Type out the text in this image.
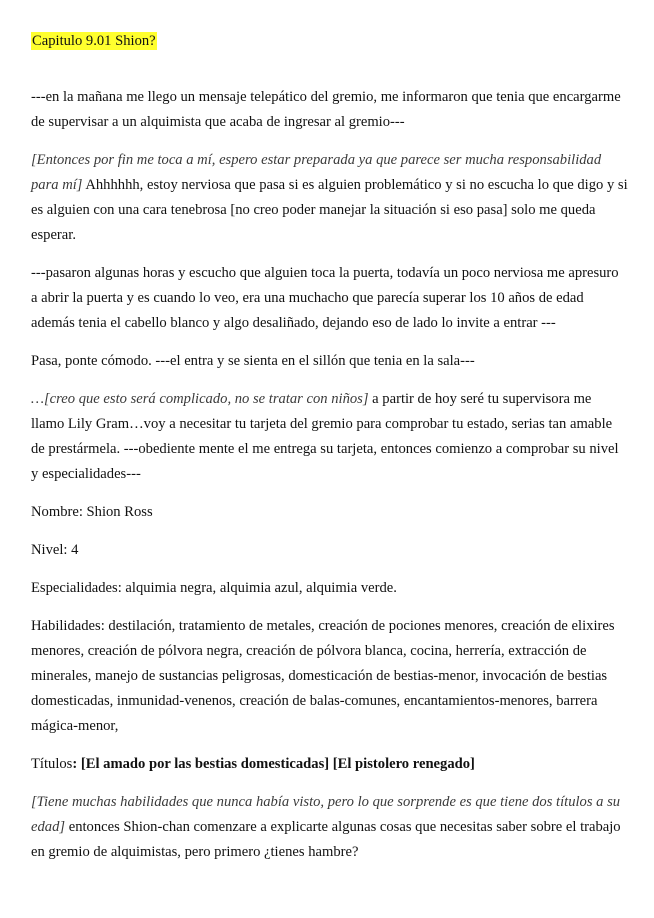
Capitulo 9.01 Shion?

---en la mañana me llego un mensaje telepático del gremio, me informaron que tenia que encargarme de supervisar a un alquimista que acaba de ingresar al gremio---

[Entonces por fin me toca a mí, espero estar preparada ya que parece ser mucha responsabilidad para mí] Ahhhhhh, estoy nerviosa que pasa si es alguien problemático y si no escucha lo que digo y si es alguien con una cara tenebrosa [no creo poder manejar la situación si eso pasa] solo me queda esperar.

---pasaron algunas horas y escucho que alguien toca la puerta, todavía un poco nerviosa me apresuro a abrir la puerta y es cuando lo veo, era una muchacho que parecía superar los 10 años de edad además tenia el cabello blanco y algo desaliñado, dejando eso de lado lo invite a entrar ---

Pasa, ponte cómodo. ---el entra y se sienta en el sillón que tenia en la sala---

…[creo que esto será complicado, no se tratar con niños] a partir de hoy seré tu supervisora me llamo Lily Gram…voy a necesitar tu tarjeta del gremio para comprobar tu estado, serias tan amable de prestármela. ---obediente mente el me entrega su tarjeta, entonces comienzo a comprobar su nivel y especialidades---

Nombre: Shion Ross

Nivel: 4

Especialidades: alquimia negra, alquimia azul, alquimia verde.

Habilidades: destilación, tratamiento de metales, creación de pociones menores, creación de elixires menores, creación de pólvora negra, creación de pólvora blanca, cocina, herrería, extracción de minerales, manejo de sustancias peligrosas, domesticación de bestias-menor, invocación de bestias domesticadas, inmunidad-venenos, creación de balas-comunes, encantamientos-menores, barrera mágica-menor,

Títulos: [El amado por las bestias domesticadas] [El pistolero renegado]

[Tiene muchas habilidades que nunca había visto, pero lo que sorprende es que tiene dos títulos a su edad] entonces Shion-chan comenzare a explicarte algunas cosas que necesitas saber sobre el trabajo en gremio de alquimistas, pero primero ¿tienes hambre?
